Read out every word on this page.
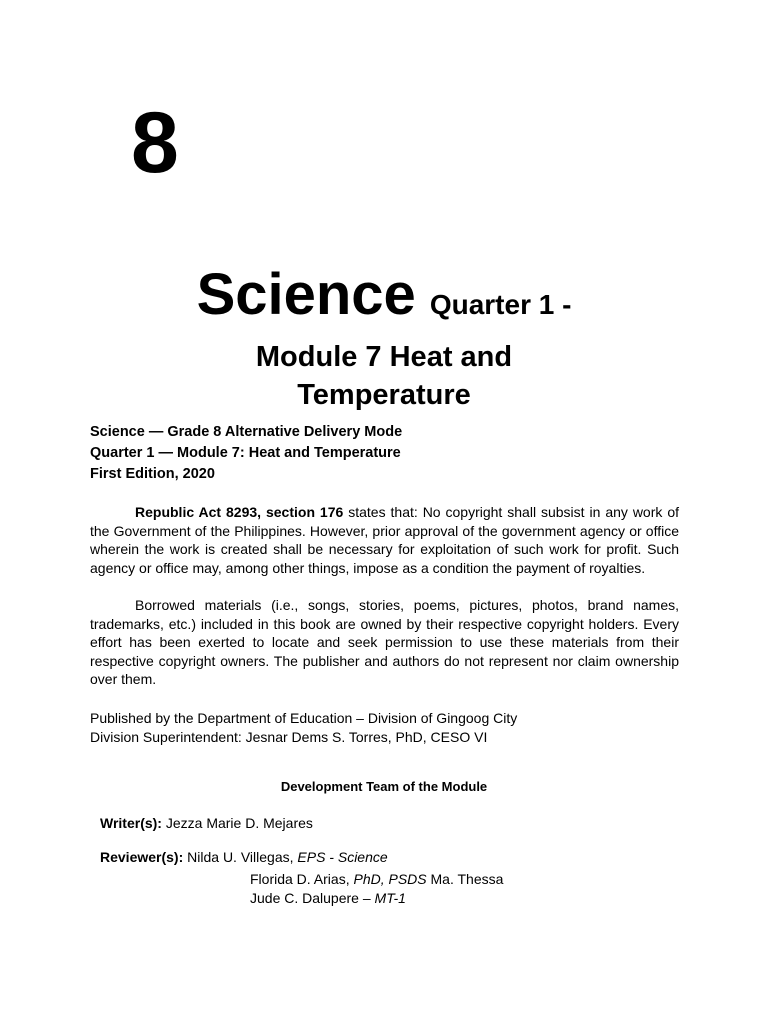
8
Science Quarter 1 -
Module 7 Heat and
Temperature
Science — Grade 8 Alternative Delivery Mode
Quarter 1 — Module 7: Heat and Temperature
First Edition, 2020
Republic Act 8293, section 176 states that: No copyright shall subsist in any work of the Government of the Philippines. However, prior approval of the government agency or office wherein the work is created shall be necessary for exploitation of such work for profit. Such agency or office may, among other things, impose as a condition the payment of royalties.
Borrowed materials (i.e., songs, stories, poems, pictures, photos, brand names, trademarks, etc.) included in this book are owned by their respective copyright holders. Every effort has been exerted to locate and seek permission to use these materials from their respective copyright owners. The publisher and authors do not represent nor claim ownership over them.
Published by the Department of Education – Division of Gingoog City
Division Superintendent: Jesnar Dems S. Torres, PhD, CESO VI
Development Team of the Module
Writer(s): Jezza Marie D. Mejares
Reviewer(s): Nilda U. Villegas, EPS - Science
Florida D. Arias, PhD, PSDS Ma. Thessa
Jude C. Dalupere – MT-1
